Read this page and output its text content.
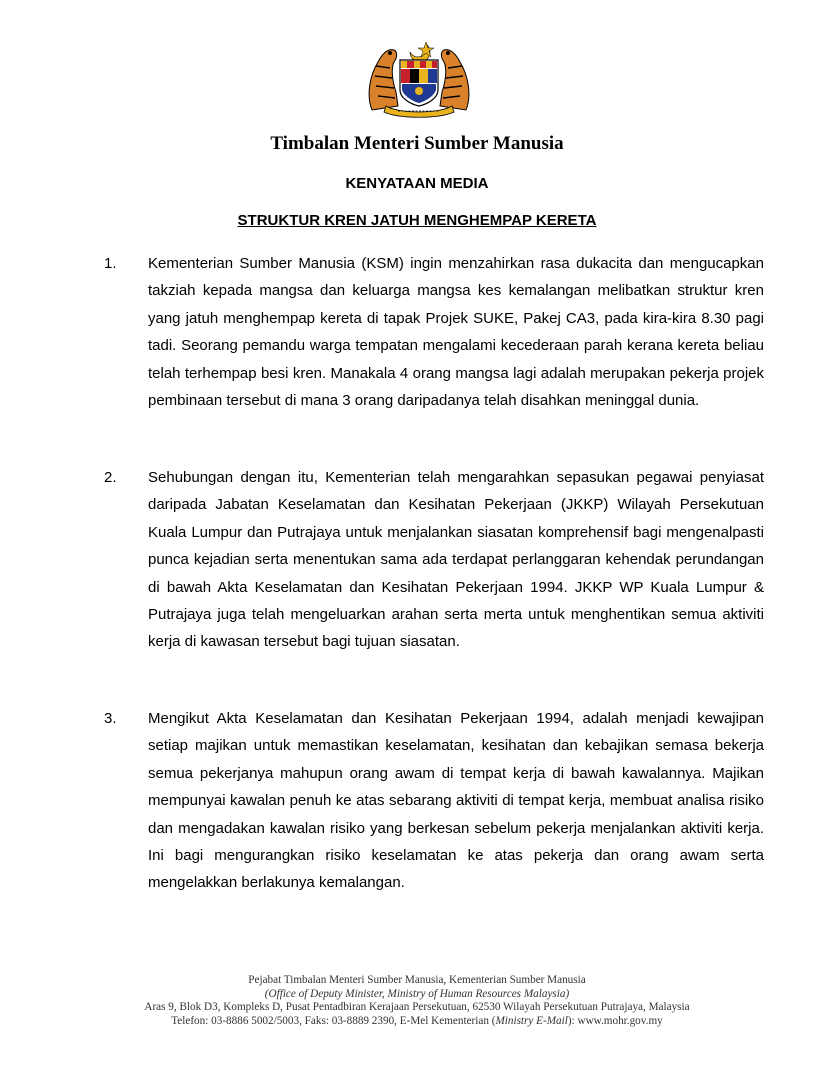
Timbalan Menteri Sumber Manusia
KENYATAAN MEDIA
STRUKTUR KREN JATUH MENGHEMPAP KERETA
1. Kementerian Sumber Manusia (KSM) ingin menzahirkan rasa dukacita dan mengucapkan takziah kepada mangsa dan keluarga mangsa kes kemalangan melibatkan struktur kren yang jatuh menghempap kereta di tapak Projek SUKE, Pakej CA3, pada kira-kira 8.30 pagi tadi. Seorang pemandu warga tempatan mengalami kecederaan parah kerana kereta beliau telah terhempap besi kren. Manakala 4 orang mangsa lagi adalah merupakan pekerja projek pembinaan tersebut di mana 3 orang daripadanya telah disahkan meninggal dunia.
2. Sehubungan dengan itu, Kementerian telah mengarahkan sepasukan pegawai penyiasat daripada Jabatan Keselamatan dan Kesihatan Pekerjaan (JKKP) Wilayah Persekutuan Kuala Lumpur dan Putrajaya untuk menjalankan siasatan komprehensif bagi mengenalpasti punca kejadian serta menentukan sama ada terdapat perlanggaran kehendak perundangan di bawah Akta Keselamatan dan Kesihatan Pekerjaan 1994. JKKP WP Kuala Lumpur & Putrajaya juga telah mengeluarkan arahan serta merta untuk menghentikan semua aktiviti kerja di kawasan tersebut bagi tujuan siasatan.
3. Mengikut Akta Keselamatan dan Kesihatan Pekerjaan 1994, adalah menjadi kewajipan setiap majikan untuk memastikan keselamatan, kesihatan dan kebajikan semasa bekerja semua pekerjanya mahupun orang awam di tempat kerja di bawah kawalannya. Majikan mempunyai kawalan penuh ke atas sebarang aktiviti di tempat kerja, membuat analisa risiko dan mengadakan kawalan risiko yang berkesan sebelum pekerja menjalankan aktiviti kerja. Ini bagi mengurangkan risiko keselamatan ke atas pekerja dan orang awam serta mengelakkan berlakunya kemalangan.
Pejabat Timbalan Menteri Sumber Manusia, Kementerian Sumber Manusia
(Office of Deputy Minister, Ministry of Human Resources Malaysia)
Aras 9, Blok D3, Kompleks D, Pusat Pentadbiran Kerajaan Persekutuan, 62530 Wilayah Persekutuan Putrajaya, Malaysia
Telefon: 03-8886 5002/5003, Faks: 03-8889 2390, E-Mel Kementerian (Ministry E-Mail): www.mohr.gov.my
